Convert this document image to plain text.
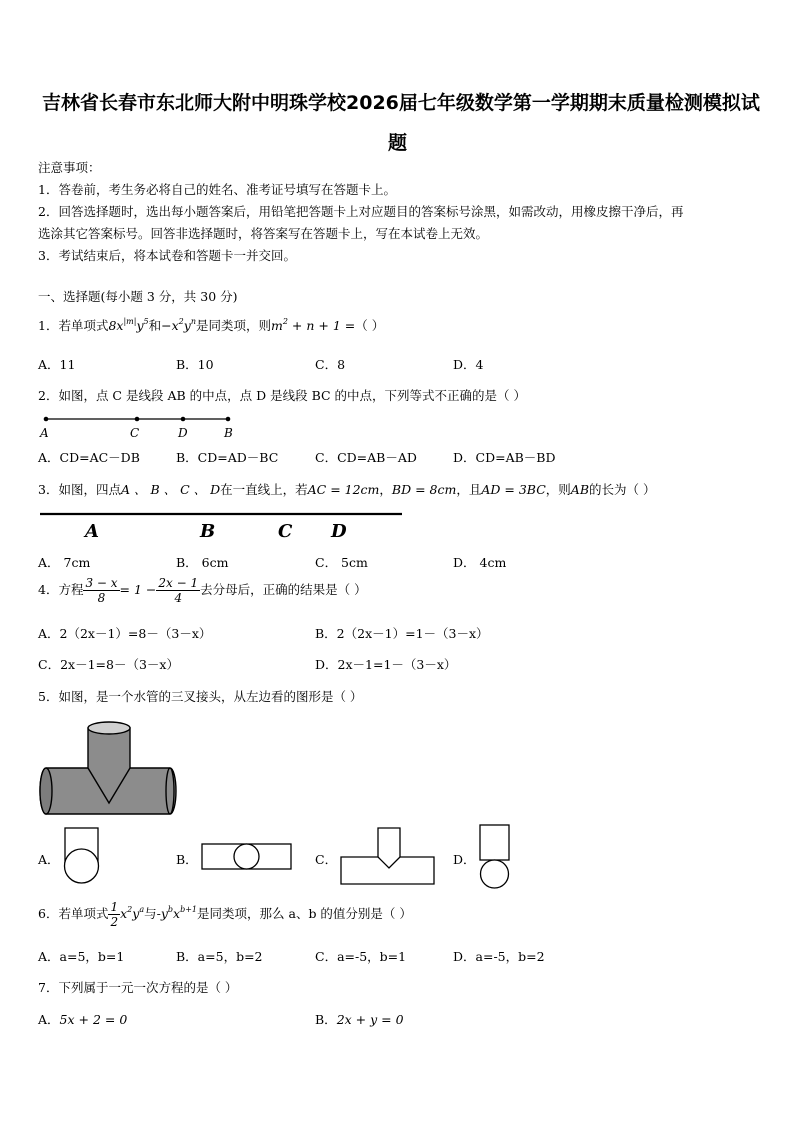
吉林省长春市东北师大附中明珠学校2026届七年级数学第一学期期末质量检测模拟试
题
注意事项：
1．答卷前，考生务必将自己的姓名、准考证号填写在答题卡上。
2．回答选择题时，选出每小题答案后，用铅笔把答题卡上对应题目的答案标号涂黑，如需改动，用橡皮擦干净后，再
选涂其它答案标号。回答非选择题时，将答案写在答题卡上，写在本试卷上无效。
3．考试结束后，将本试卷和答题卡一并交回。
一、选择题(每小题 3 分，共 30 分)
1．若单项式$8x^{|m|}y^5$和$-x^2y^n$是同类项，则$m^2 + n + 1$ =（ ）
A．11	B．10	C．8	D．4
2．如图，点 C 是线段 AB 的中点，点 D 是线段 BC 的中点，下列等式不正确的是（ ）
A	C	D	B
A．CD=AC－DB	B．CD=AD－BC	C．CD=AB－AD	D．CD=AB－BD
3．如图，四点A 、 B 、 C 、 D在一直线上，若AC = 12cm，BD = 8cm，且AD = 3BC，则AB的长为（ ）
A	B	C D
A． 7cm	B． 6cm	C． 5cm	D． 4cm
4．方程 $\frac{3 - x}{8} = 1 - \frac{2x - 1}{4}$ 去分母后，正确的结果是（ ）
A．2（2x－1）=8－（3－x）	B．2（2x－1）=1－（3－x）
C．2x－1=8－（3－x）	D．2x－1=1－（3－x）
5．如图，是一个水管的三叉接头，从左边看的图形是（ ）
A．	B．	C．	D．
6．若单项式 $\frac{1}{2} x^2y^a$与$-y^bx^{b+1}$是同类项，那么 a、b 的值分别是（ ）
A．a=5，b=1	B．a=5，b=2	C．a=-5，b=1	D．a=-5，b=2
7．下列属于一元一次方程的是（ ）
A．5x + 2 = 0	B．2x + y = 0
